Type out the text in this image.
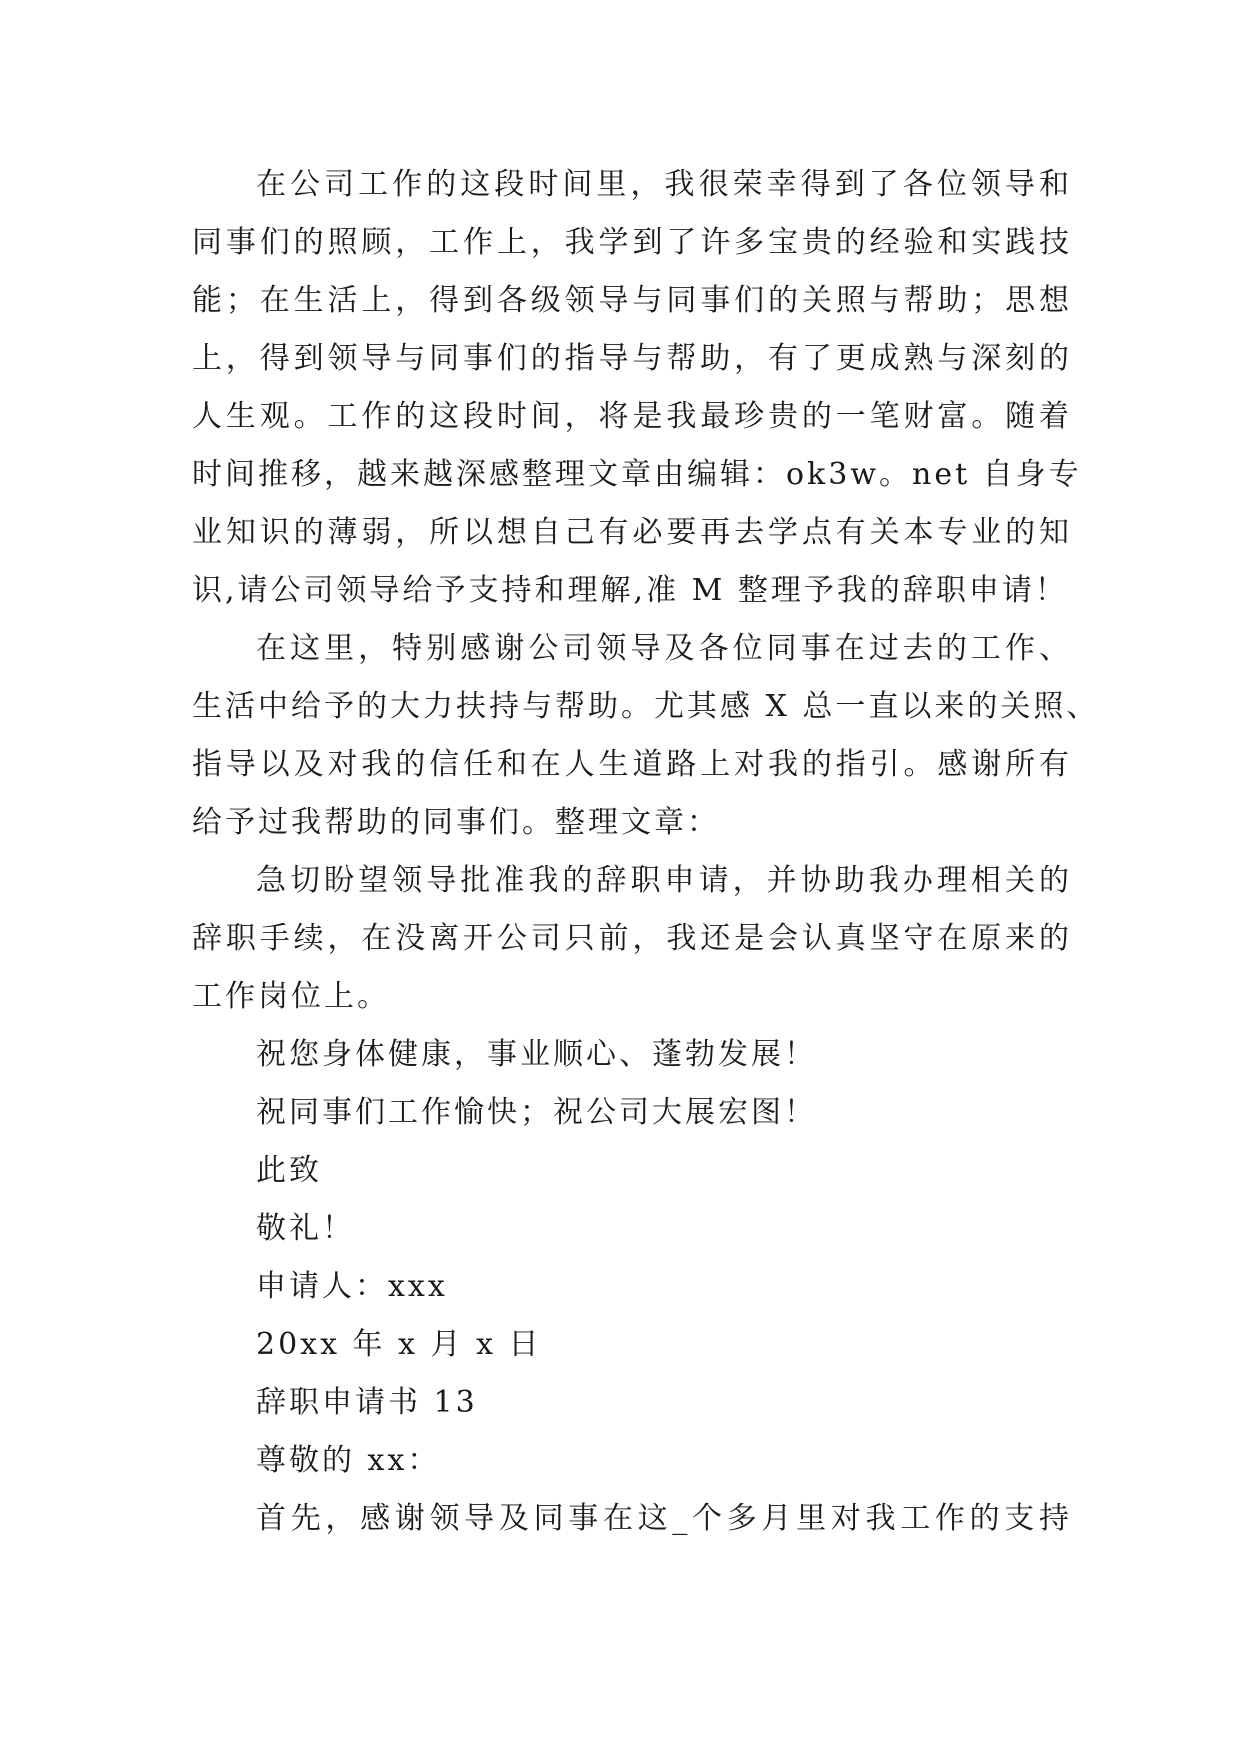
在公司工作的这段时间里，我很荣幸得到了各位领导和
同事们的照顾，工作上，我学到了许多宝贵的经验和实践技
能；在生活上，得到各级领导与同事们的关照与帮助；思想
上，得到领导与同事们的指导与帮助，有了更成熟与深刻的
人生观。工作的这段时间，将是我最珍贵的一笔财富。随着
时间推移，越来越深感整理文章由编辑：ok3w。net 自身专
业知识的薄弱，所以想自己有必要再去学点有关本专业的知
识,请公司领导给予支持和理解,准 M 整理予我的辞职申请！
在这里，特别感谢公司领导及各位同事在过去的工作、
生活中给予的大力扶持与帮助。尤其感 X 总一直以来的关照、
指导以及对我的信任和在人生道路上对我的指引。感谢所有
给予过我帮助的同事们。整理文章：
急切盼望领导批准我的辞职申请，并协助我办理相关的
辞职手续，在没离开公司只前，我还是会认真坚守在原来的
工作岗位上。
祝您身体健康，事业顺心、蓬勃发展！
祝同事们工作愉快；祝公司大展宏图！
此致
敬礼！
申请人：xxx
20xx 年 x 月 x 日
辞职申请书 13
尊敬的 xx：
首先，感谢领导及同事在这_个多月里对我工作的支持
